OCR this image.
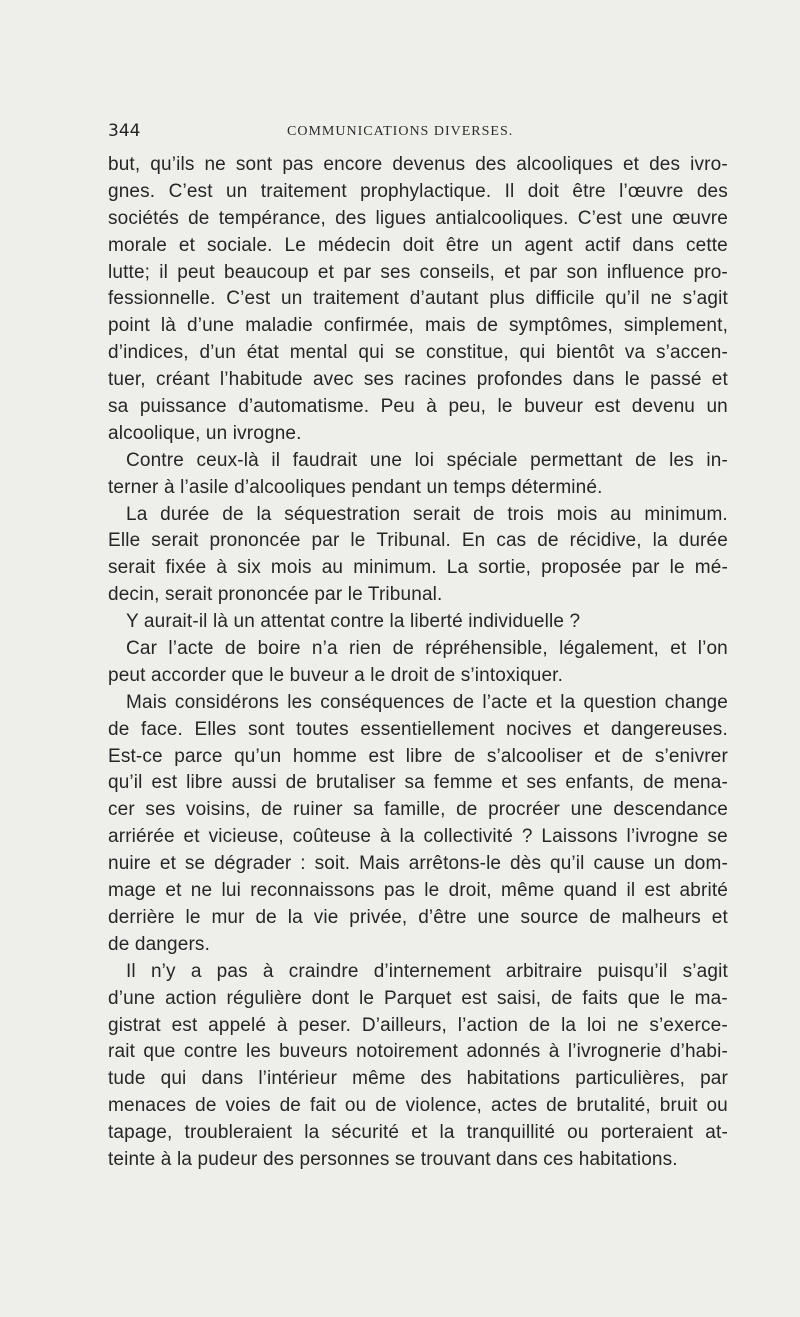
344	COMMUNICATIONS DIVERSES.
but, qu’ils ne sont pas encore devenus des alcooliques et des ivro-
gnes. C’est un traitement prophylactique. Il doit être l’œuvre des
sociétés de tempérance, des ligues antialcooliques. C’est une œuvre
morale et sociale. Le médecin doit être un agent actif dans cette
lutte; il peut beaucoup et par ses conseils, et par son influence pro-
fessionnelle. C’est un traitement d’autant plus difficile qu’il ne s’agit
point là d’une maladie confirmée, mais de symptômes, simplement,
d’indices, d’un état mental qui se constitue, qui bientôt va s’accen-
tuer, créant l’habitude avec ses racines profondes dans le passé et
sa puissance d’automatisme. Peu à peu, le buveur est devenu un
alcoolique, un ivrogne.
Contre ceux-là il faudrait une loi spéciale permettant de les in-
terner à l’asile d’alcooliques pendant un temps déterminé.
La durée de la séquestration serait de trois mois au minimum.
Elle serait prononcée par le Tribunal. En cas de récidive, la durée
serait fixée à six mois au minimum. La sortie, proposée par le mé-
decin, serait prononcée par le Tribunal.
Y aurait-il là un attentat contre la liberté individuelle ?
Car l’acte de boire n’a rien de répréhensible, légalement, et l’on
peut accorder que le buveur a le droit de s’intoxiquer.
Mais considérons les conséquences de l’acte et la question change
de face. Elles sont toutes essentiellement nocives et dangereuses.
Est-ce parce qu’un homme est libre de s’alcooliser et de s’enivrer
qu’il est libre aussi de brutaliser sa femme et ses enfants, de mena-
cer ses voisins, de ruiner sa famille, de procréer une descendance
arriérée et vicieuse, coûteuse à la collectivité ? Laissons l’ivrogne se
nuire et se dégrader : soit. Mais arrêtons-le dès qu’il cause un dom-
mage et ne lui reconnaissons pas le droit, même quand il est abrité
derrière le mur de la vie privée, d’être une source de malheurs et
de dangers.
Il n’y a pas à craindre d’internement arbitraire puisqu’il s’agit
d’une action régulière dont le Parquet est saisi, de faits que le ma-
gistrat est appelé à peser. D’ailleurs, l’action de la loi ne s’exerce-
rait que contre les buveurs notoirement adonnés à l’ivrognerie d’habi-
tude qui dans l’intérieur même des habitations particulières, par
menaces de voies de fait ou de violence, actes de brutalité, bruit ou
tapage, troubleraient la sécurité et la tranquillité ou porteraient at-
teinte à la pudeur des personnes se trouvant dans ces habitations.
